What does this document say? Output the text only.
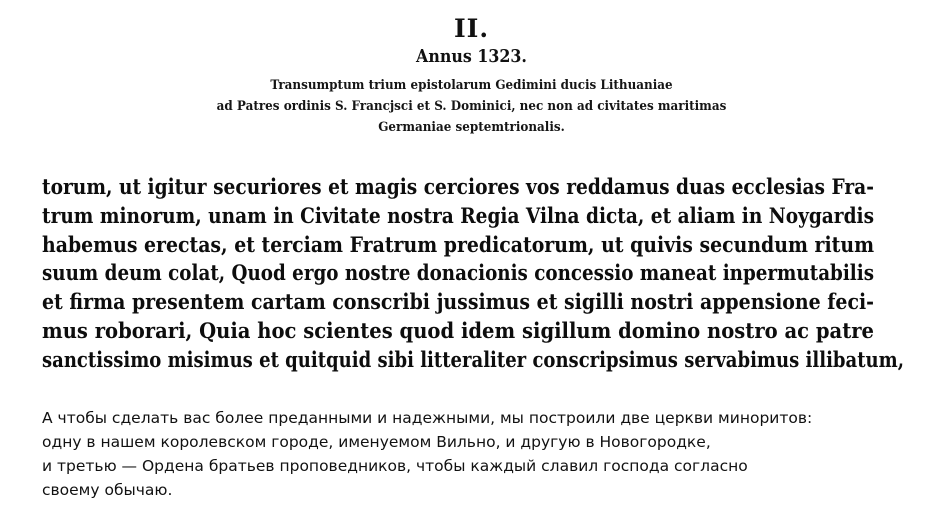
II.
Annus 1323.
Transumptum trium epistolarum Gedimini ducis Lithuaniae
ad Patres ordinis S. Francjsci et S. Dominici, nec non ad civitates maritimas
Germaniae septemtrionalis.
torum, ut igitur securiores et magis cerciores vos reddamus duas ecclesias Fra-
trum minorum, unam in Civitate nostra Regia Vilna dicta, et aliam in Noygardis
habemus erectas, et terciam Fratrum predicatorum, ut quivis secundum ritum
suum deum colat, Quod ergo nostre donacionis concessio maneat inpermutabilis
et firma presentem cartam conscribi jussimus et sigilli nostri appensione feci-
mus roborari, Quia hoc scientes quod idem sigillum domino nostro ac patre
sanctissimo misimus et quitquid sibi litteraliter conscripsimus servabimus illibatum,
А чтобы сделать вас более преданными и надежными, мы построили две церкви миноритов:
одну в нашем королевском городе, именуемом Вильно, и другую в Новогородке,
и третью — Ордена братьев проповедников, чтобы каждый славил господа согласно
своему обычаю.
